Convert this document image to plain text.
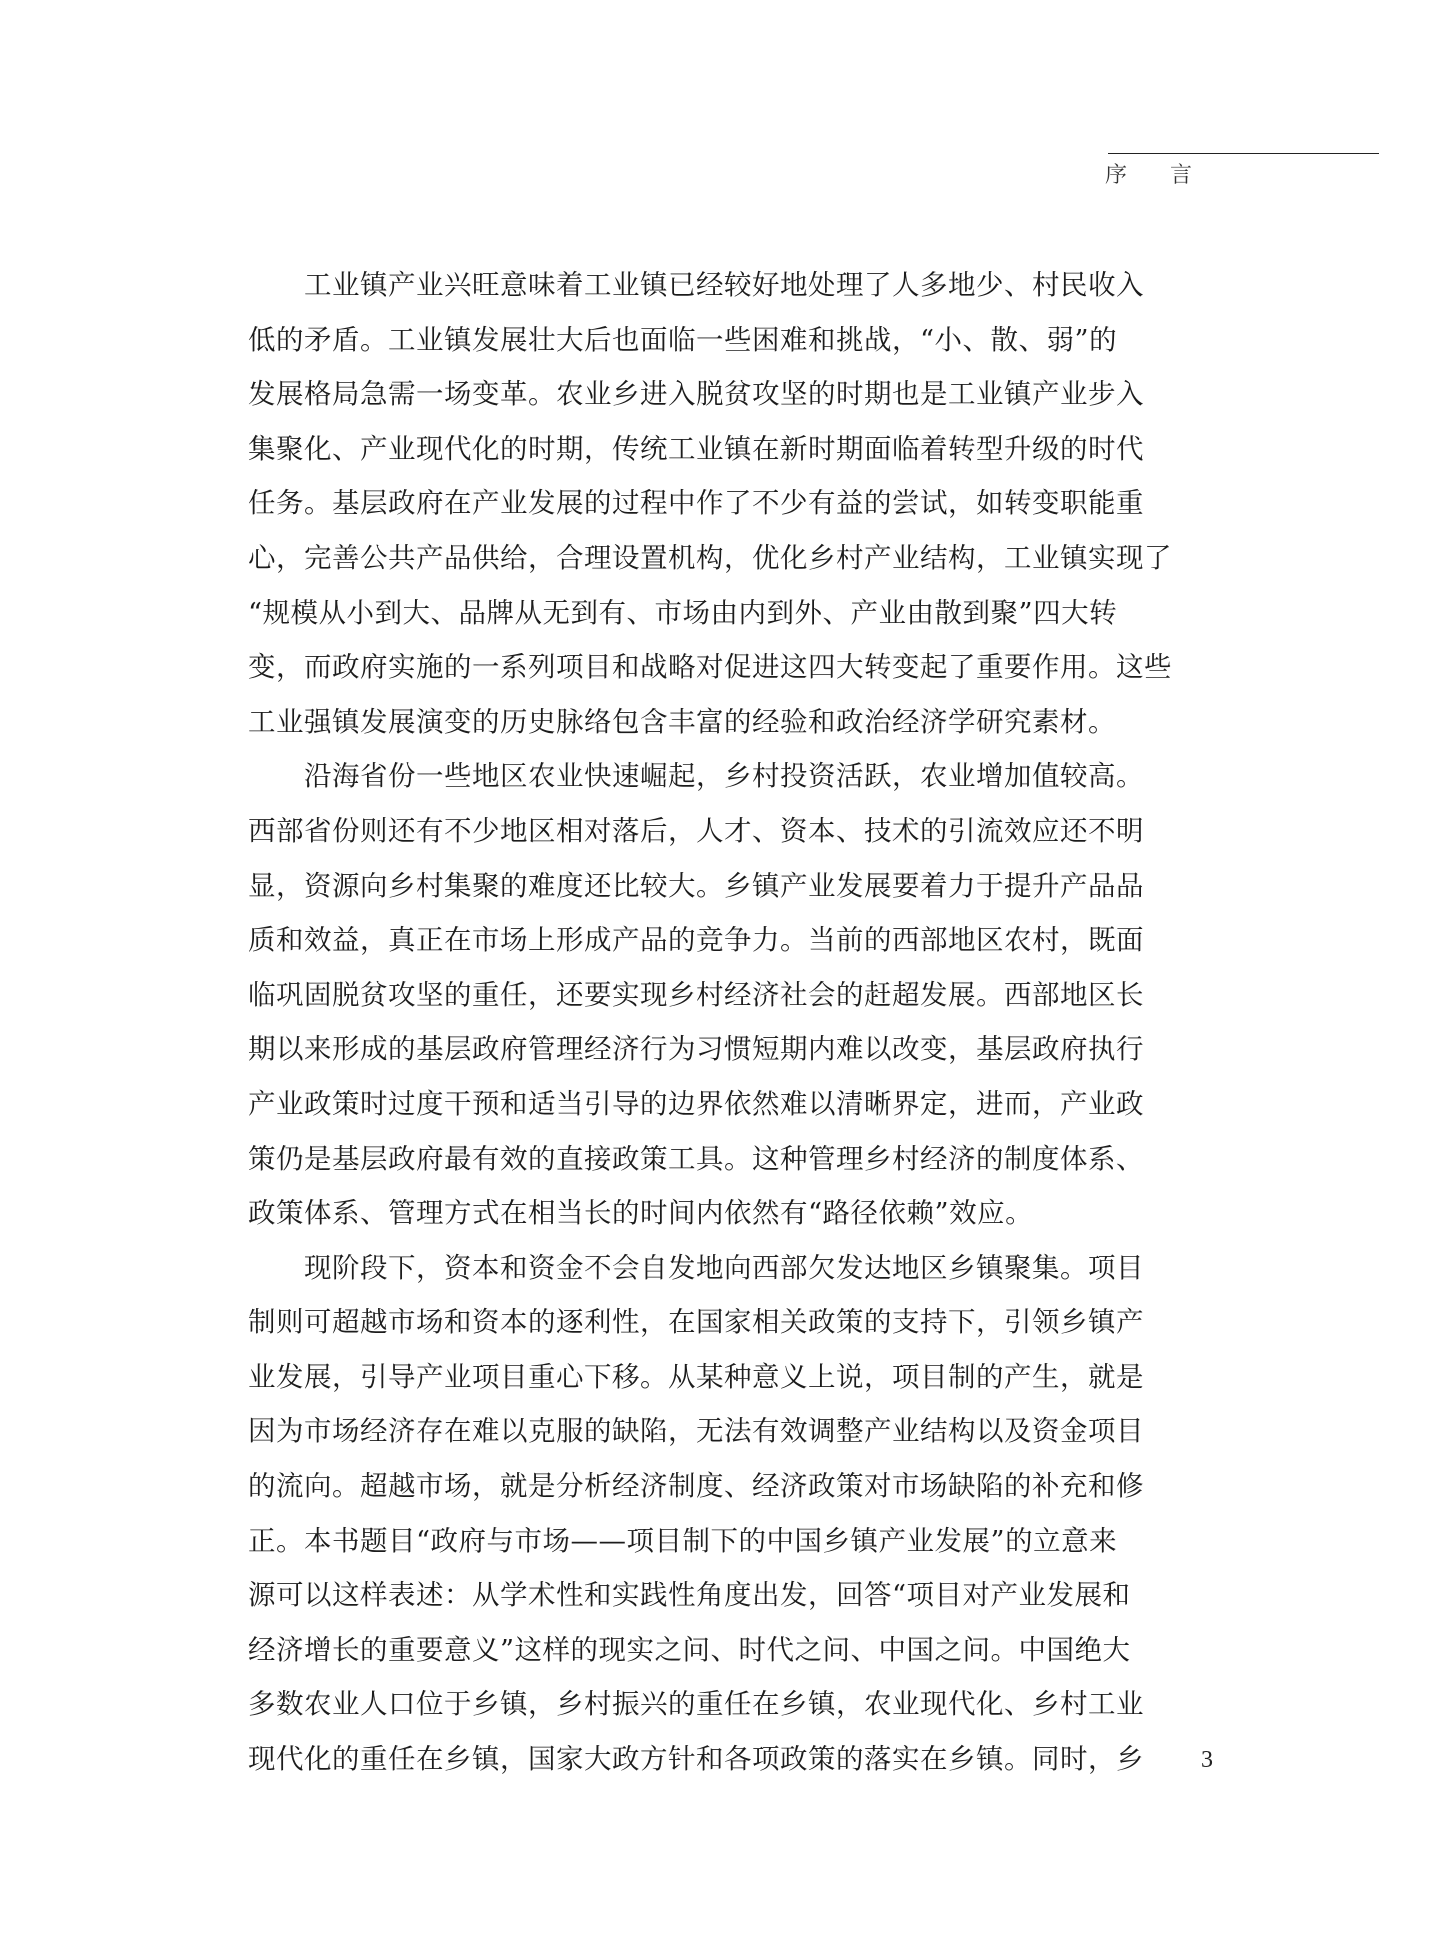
序 言
工业镇产业兴旺意味着工业镇已经较好地处理了人多地少、村民收入
低的矛盾。工业镇发展壮大后也面临一些困难和挑战，“小、散、弱”的
发展格局急需一场变革。农业乡进入脱贫攻坚的时期也是工业镇产业步入
集聚化、产业现代化的时期，传统工业镇在新时期面临着转型升级的时代
任务。基层政府在产业发展的过程中作了不少有益的尝试，如转变职能重
心，完善公共产品供给，合理设置机构，优化乡村产业结构，工业镇实现了
“规模从小到大、品牌从无到有、市场由内到外、产业由散到聚”四大转
变，而政府实施的一系列项目和战略对促进这四大转变起了重要作用。这些
工业强镇发展演变的历史脉络包含丰富的经验和政治经济学研究素材。
沿海省份一些地区农业快速崛起，乡村投资活跃，农业增加值较高。
西部省份则还有不少地区相对落后，人才、资本、技术的引流效应还不明
显，资源向乡村集聚的难度还比较大。乡镇产业发展要着力于提升产品品
质和效益，真正在市场上形成产品的竞争力。当前的西部地区农村，既面
临巩固脱贫攻坚的重任，还要实现乡村经济社会的赶超发展。西部地区长
期以来形成的基层政府管理经济行为习惯短期内难以改变，基层政府执行
产业政策时过度干预和适当引导的边界依然难以清晰界定，进而，产业政
策仍是基层政府最有效的直接政策工具。这种管理乡村经济的制度体系、
政策体系、管理方式在相当长的时间内依然有“路径依赖”效应。
现阶段下，资本和资金不会自发地向西部欠发达地区乡镇聚集。项目
制则可超越市场和资本的逐利性，在国家相关政策的支持下，引领乡镇产
业发展，引导产业项目重心下移。从某种意义上说，项目制的产生，就是
因为市场经济存在难以克服的缺陷，无法有效调整产业结构以及资金项目
的流向。超越市场，就是分析经济制度、经济政策对市场缺陷的补充和修
正。本书题目“政府与市场——项目制下的中国乡镇产业发展”的立意来
源可以这样表述：从学术性和实践性角度出发，回答“项目对产业发展和
经济增长的重要意义”这样的现实之问、时代之问、中国之问。中国绝大
多数农业人口位于乡镇，乡村振兴的重任在乡镇，农业现代化、乡村工业
现代化的重任在乡镇，国家大政方针和各项政策的落实在乡镇。同时，乡	3
